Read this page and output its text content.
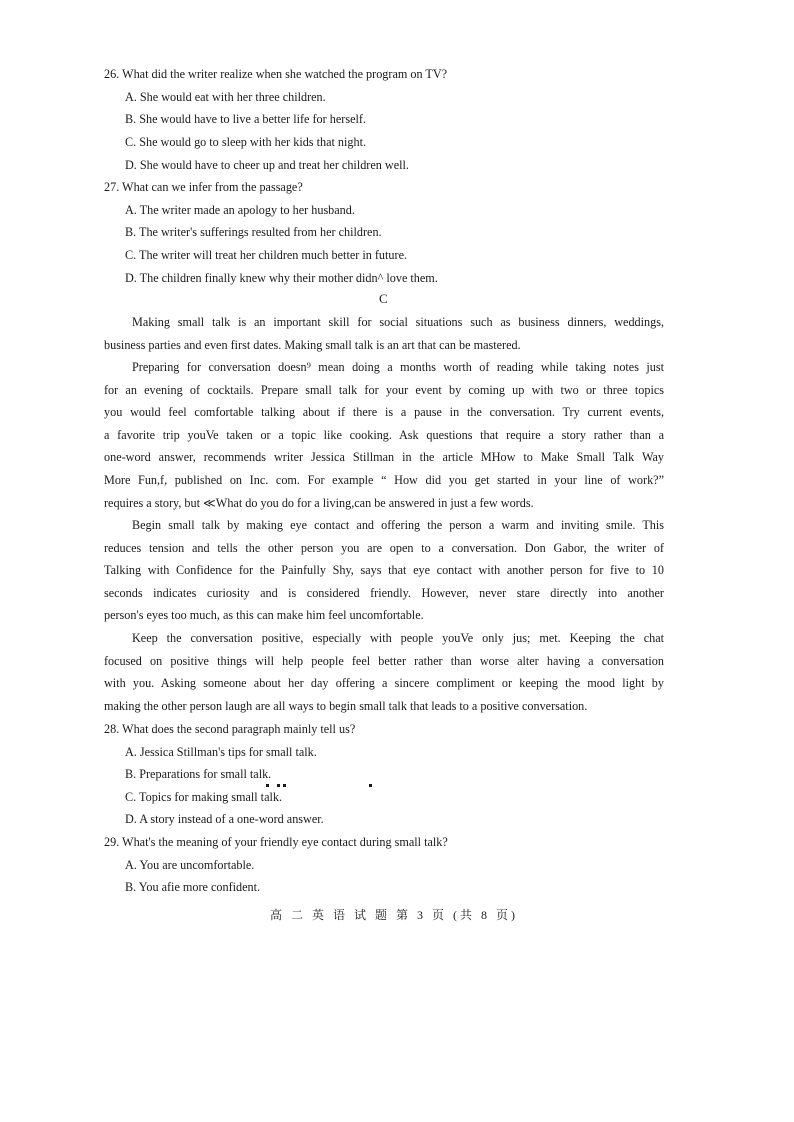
26. What did the writer realize when she watched the program on TV?
A. She would eat with her three children.
B. She would have to live a better life for herself.
C. She would go to sleep with her kids that night.
D. She would have to cheer up and treat her children well.
27. What can we infer from the passage?
A. The writer made an apology to her husband.
B. The writer's sufferings resulted from her children.
C. The writer will treat her children much better in future.
D. The children finally knew why their mother didn^ love them.
C
Making small talk is an important skill for social situations such as business dinners, weddings,
business parties and even first dates. Making small talk is an art that can be mastered.
Preparing for conversation doesn⁹ mean doing a months worth of reading while taking notes just
for an evening of cocktails. Prepare small talk for your event by coming up with two or three topics
you would feel comfortable talking about if there is a pause in the conversation. Try current events,
a favorite trip youVe taken or a topic like cooking. Ask questions that require a story rather than a
one-word answer, recommends writer Jessica Stillman in the article MHow to Make Small Talk Way
More Fun,f, published on Inc. com. For example “ How did you get started in your line of work?”
requires a story, but ≪What do you do for a living,can be answered in just a few words.
Begin small talk by making eye contact and offering the person a warm and inviting smile. This
reduces tension and tells the other person you are open to a conversation. Don Gabor, the writer of
Talking with Confidence for the Painfully Shy, says that eye contact with another person for five to 10
seconds indicates curiosity and is considered friendly. However, never stare directly into another
person's eyes too much, as this can make him feel uncomfortable.
Keep the conversation positive, especially with people youVe only jus; met. Keeping the chat
focused on positive things will help people feel better rather than worse alter having a conversation
with you. Asking someone about her day offering a sincere compliment or keeping the mood light by
making the other person laugh are all ways to begin small talk that leads to a positive conversation.
28. What does the second paragraph mainly tell us?
A. Jessica Stillman's tips for small talk.
B. Preparations for small talk.
C. Topics for making small talk.
D. A story instead of a one-word answer.
29. What's the meaning of your friendly eye contact during small talk?
A. You are uncomfortable.
B. You afie more confident.
高 二 英 语 试 题 第 3 页 (共 8 页)
